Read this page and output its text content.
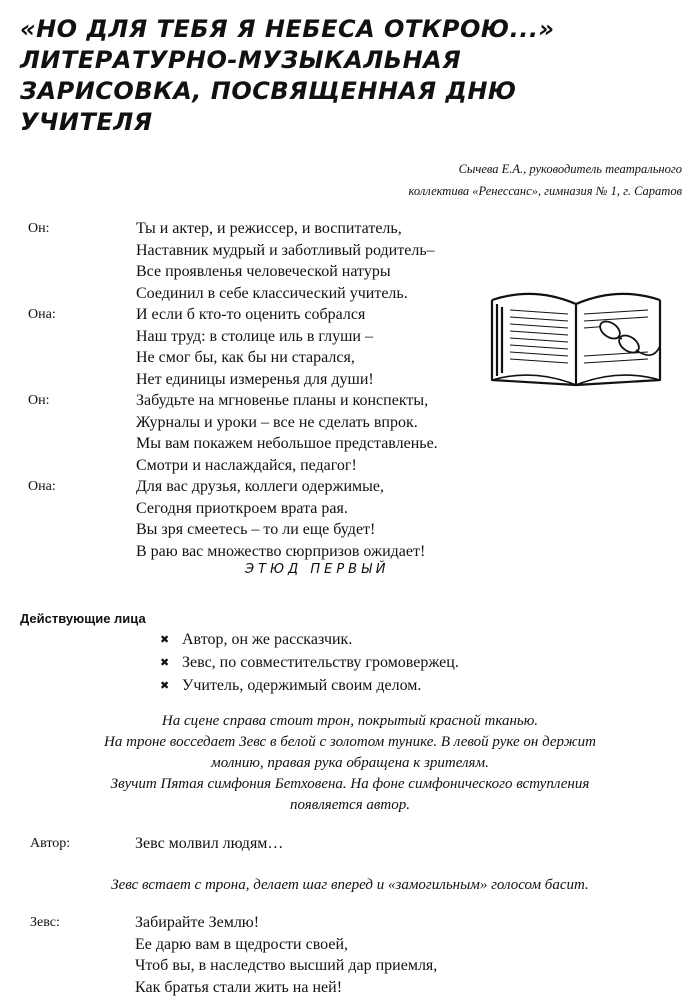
«НО ДЛЯ ТЕБЯ Я НЕБЕСА ОТКРОЮ...»
ЛИТЕРАТУРНО-МУЗЫКАЛЬНАЯ
ЗАРИСОВКА, ПОСВЯЩЕННАЯ ДНЮ
УЧИТЕЛЯ
Сычева Е.А., руководитель театрального
коллектива «Ренессанс», гимназия № 1, г. Саратов
Он:	Ты и актер, и режиссер, и воспитатель,
Наставник мудрый и заботливый родитель–
Все проявленья человеческой натуры
Соединил в себе классический учитель.
Она:	И если б кто-то оценить собрался
Наш труд: в столице иль в глуши –
Не смог бы, как бы ни старался,
Нет единицы измеренья для души!
Он:	Забудьте на мгновенье планы и конспекты,
Журналы и уроки – все не сделать впрок.
Мы вам покажем небольшое представленье.
Смотри и наслаждайся, педагог!
Она:	Для вас друзья, коллеги одержимые,
Сегодня приоткроем врата рая.
Вы зря смеетесь – то ли еще будет!
В раю вас множество сюрпризов ожидает!
ЭТЮД ПЕРВЫЙ
Действующие лица
✖ Автор, он же рассказчик.
✖ Зевс, по совместительству громовержец.
✖ Учитель, одержимый своим делом.
На сцене справа стоит трон, покрытый красной тканью.
На троне восседает Зевс в белой с золотом тунике. В левой руке он держит
молнию, правая рука обращена к зрителям.
Звучит Пятая симфония Бетховена. На фоне симфонического вступления
появляется автор.
Автор:	Зевс молвил людям…
Зевс встает с трона, делает шаг вперед и «замогильным» голосом басит.
Зевс:	Забирайте Землю!
Ее дарю вам в щедрости своей,
Чтоб вы, в наследство высший дар приемля,
Как братья стали жить на ней!
